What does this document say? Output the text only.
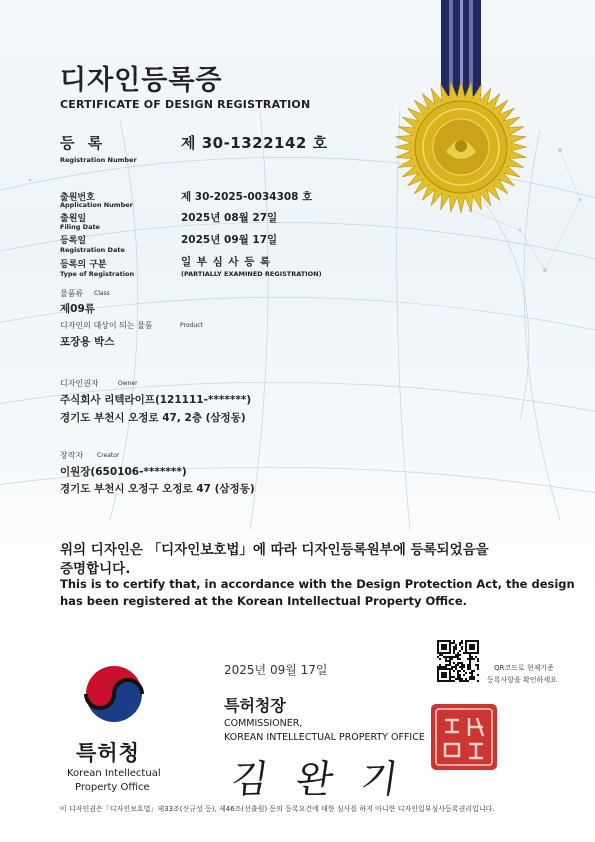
디자인등록증
CERTIFICATE OF DESIGN REGISTRATION
등 록
Registration Number
제 30-1322142 호
출원번호
Application Number
제 30-2025-0034308 호
출원일
Filing Date
2025년 08월 27일
등록일
Registration Date
2025년 09월 17일
등록의 구분
Type of Registration
일 부 심 사 등 록
(PARTIALLY EXAMINED REGISTRATION)
물품류 Class
제09류
디자인의 대상이 되는 물품	Product
포장용 박스
디자인권자	Owner
주식회사 리텍라이프(121111-*******)
경기도 부천시 오정로 47, 2층 (삼정동)
창작자 Creator
이원장(650106-*******)
경기도 부천시 오정구 오정로 47 (삼정동)
위의 디자인은 「디자인보호법」에 따라 디자인등록원부에 등록되었음을
증명합니다.
This is to certify that, in accordance with the Design Protection Act, the design
has been registered at the Korean Intellectual Property Office.
2025년 09월 17일	QR코드로 현재기준
등록사항을 확인하세요
특허청장
COMMISSIONER,
KOREAN INTELLECTUAL PROPERTY OFFICE
김 완 기
특허청
Korean Intellectual
Property Office
이 디자인권은「디자인보호법」제33조(신규성 등), 제46조(선출원) 등의 등록요건에 대한 심사를 하지 아니한 디자인일부심사등록권리입니다.
